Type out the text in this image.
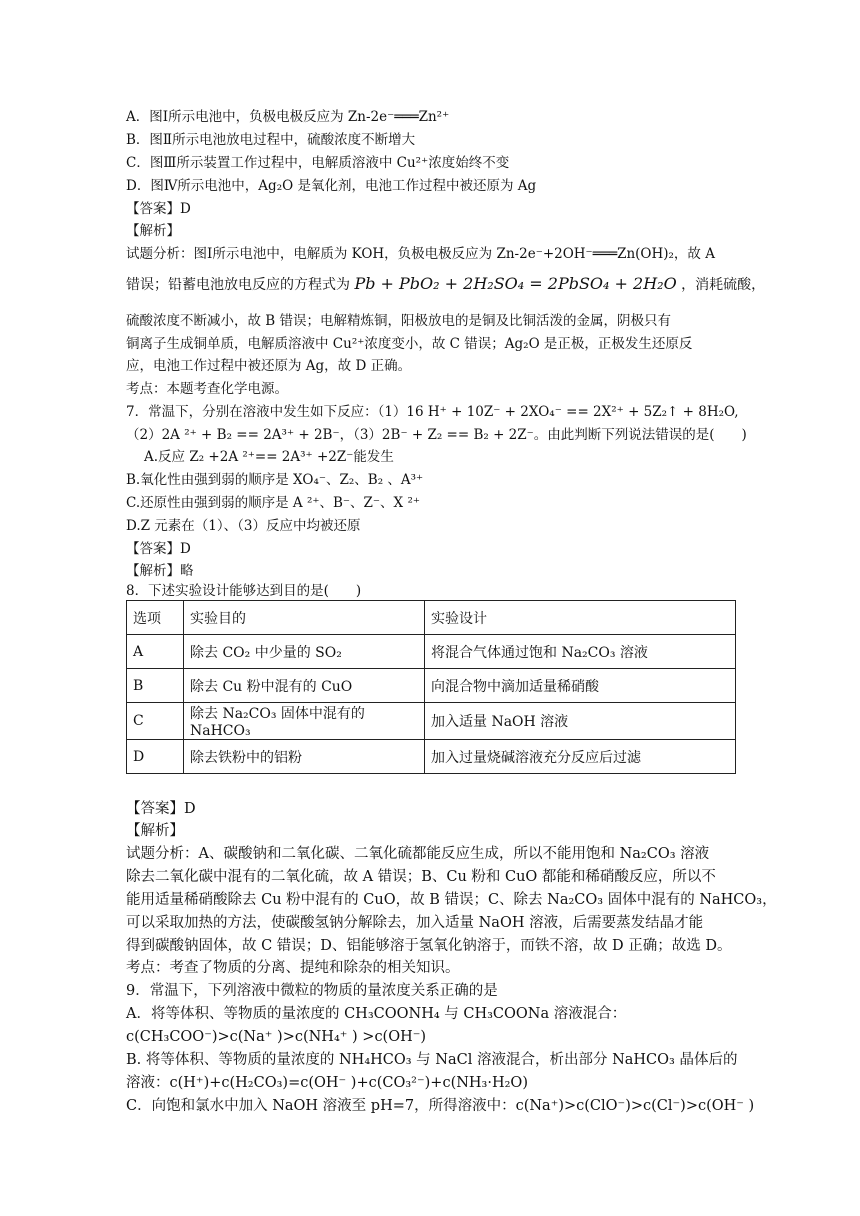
A．图Ⅰ所示电池中，负极电极反应为 Zn-2e⁻═══Zn²⁺
B．图Ⅱ所示电池放电过程中，硫酸浓度不断增大
C．图Ⅲ所示装置工作过程中，电解质溶液中 Cu²⁺浓度始终不变
D．图Ⅳ所示电池中，Ag₂O 是氧化剂，电池工作过程中被还原为 Ag
【答案】D
【解析】
试题分析：图Ⅰ所示电池中，电解质为 KOH，负极电极反应为 Zn-2e⁻+2OH⁻═══Zn(OH)₂，故 A
错误；铅蓄电池放电反应的方程式为 Pb + PbO₂ + 2H₂SO₄ = 2PbSO₄ + 2H₂O ，消耗硫酸，
硫酸浓度不断减小，故 B 错误；电解精炼铜，阳极放电的是铜及比铜活泼的金属，阴极只有
铜离子生成铜单质，电解质溶液中 Cu²⁺浓度变小，故 C 错误；Ag₂O 是正极，正极发生还原反
应，电池工作过程中被还原为 Ag，故 D 正确。
考点：本题考查化学电源。
7．常温下，分别在溶液中发生如下反应：（1）16 H⁺ + 10Z⁻ + 2XO₄⁻ == 2X²⁺ + 5Z₂↑ + 8H₂O,
（2）2A ²⁺ + B₂ == 2A³⁺ + 2B⁻，（3）2B⁻ + Z₂ == B₂ + 2Z⁻。由此判断下列说法错误的是(　　)
A.反应 Z₂ +2A ²⁺== 2A³⁺ +2Z⁻能发生
B.氧化性由强到弱的顺序是 XO₄⁻、Z₂、B₂ 、A³⁺
C.还原性由强到弱的顺序是 A ²⁺、B⁻、Z⁻、X ²⁺
D.Z 元素在（1）、（3）反应中均被还原
【答案】D
【解析】略
8．下述实验设计能够达到目的是(　　)
选项	实验目的	实验设计
A	除去 CO₂ 中少量的 SO₂	将混合气体通过饱和 Na₂CO₃ 溶液
B	除去 Cu 粉中混有的 CuO	向混合物中滴加适量稀硝酸
C	除去 Na₂CO₃ 固体中混有的 NaHCO₃	加入适量 NaOH 溶液
D	除去铁粉中的铝粉	加入过量烧碱溶液充分反应后过滤
【答案】D
【解析】
试题分析：A、碳酸钠和二氧化碳、二氧化硫都能反应生成，所以不能用饱和 Na₂CO₃ 溶液
除去二氧化碳中混有的二氧化硫，故 A 错误；B、Cu 粉和 CuO 都能和稀硝酸反应，所以不
能用适量稀硝酸除去 Cu 粉中混有的 CuO，故 B 错误；C、除去 Na₂CO₃ 固体中混有的 NaHCO₃，
可以采取加热的方法，使碳酸氢钠分解除去，加入适量 NaOH 溶液，后需要蒸发结晶才能
得到碳酸钠固体，故 C 错误；D、铝能够溶于氢氧化钠溶于，而铁不溶，故 D 正确；故选 D。
考点：考查了物质的分离、提纯和除杂的相关知识。
9．常温下，下列溶液中微粒的物质的量浓度关系正确的是
A．将等体积、等物质的量浓度的 CH₃COONH₄ 与 CH₃COONa 溶液混合：
c(CH₃COO⁻)>c(Na⁺ )>c(NH₄⁺ ) >c(OH⁻)
B. 将等体积、等物质的量浓度的 NH₄HCO₃ 与 NaCl 溶液混合，析出部分 NaHCO₃ 晶体后的
溶液：c(H⁺)+c(H₂CO₃)=c(OH⁻ )+c(CO₃²⁻)+c(NH₃·H₂O)
C．向饱和氯水中加入 NaOH 溶液至 pH=7，所得溶液中：c(Na⁺)>c(ClO⁻)>c(Cl⁻)>c(OH⁻ )
